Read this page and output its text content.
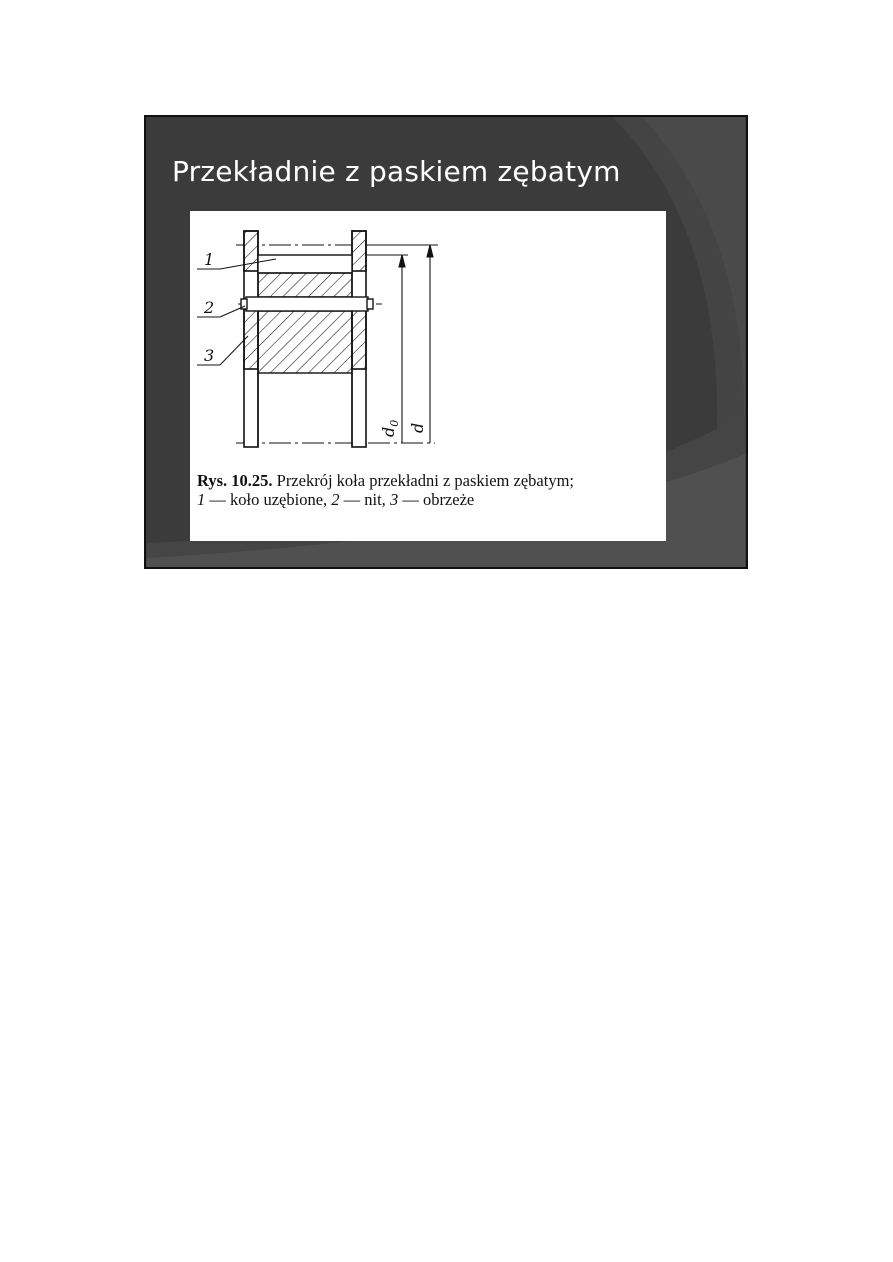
Przekładnie z paskiem zębatym
$d_0$ d
1
2
3
Rys. 10.25. Przekrój koła przekładni z paskiem zębatym;
1 — koło uzębione, 2 — nit, 3 — obrzeże
